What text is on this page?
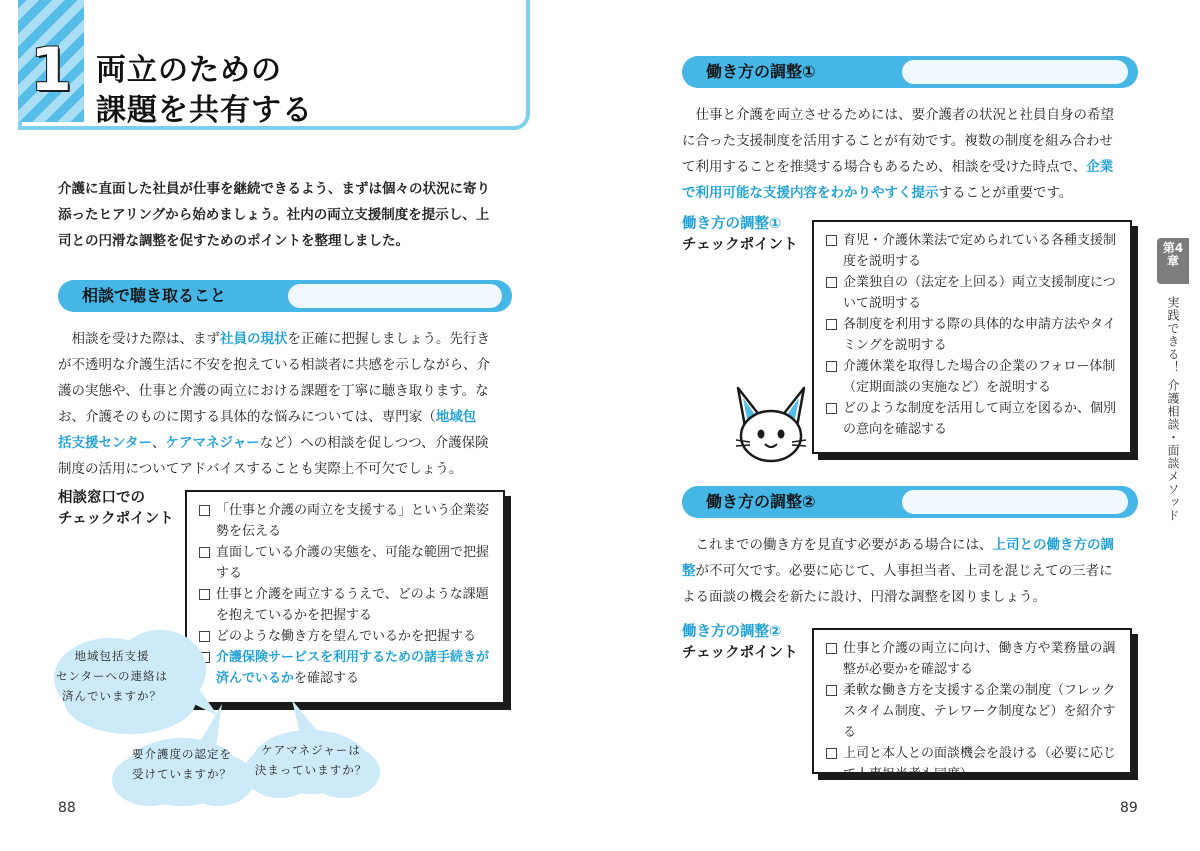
1 両立のための
課題を共有する
介護に直面した社員が仕事を継続できるよう、まずは個々の状況に寄り
添ったヒアリングから始めましょう。社内の両立支援制度を提示し、上
司との円滑な調整を促すためのポイントを整理しました。
相談で聴き取ること
　相談を受けた際は、まず社員の現状を正確に把握しましょう。先行き
が不透明な介護生活に不安を抱えている相談者に共感を示しながら、介
護の実態や、仕事と介護の両立における課題を丁寧に聴き取ります。な
お、介護そのものに関する具体的な悩みについては、専門家（地域包
括支援センター、ケアマネジャーなど）への相談を促しつつ、介護保険
制度の活用についてアドバイスすることも実際上不可欠でしょう。
相談窓口での
チェックポイント
「仕事と介護の両立を支援する」という企業姿勢を伝える
直面している介護の実態を、可能な範囲で把握する
仕事と介護を両立するうえで、どのような課題を抱えているかを把握する
どのような働き方を望んでいるかを把握する
介護保険サービスを利用するための諸手続きが済んでいるかを確認する
地域包括支援
センターへの連絡は
済んでいますか？
要介護度の認定を
受けていますか？
ケアマネジャーは
決まっていますか？
88
働き方の調整①
　仕事と介護を両立させるためには、要介護者の状況と社員自身の希望
に合った支援制度を活用することが有効です。複数の制度を組み合わせ
て利用することを推奨する場合もあるため、相談を受けた時点で、企業
で利用可能な支援内容をわかりやすく提示することが重要です。
働き方の調整①
チェックポイント	育児・介護休業法で定められている各種支援制度を説明する
企業独自の（法定を上回る）両立支援制度について説明する
各制度を利用する際の具体的な申請方法やタイミングを説明する
介護休業を取得した場合の企業のフォロー体制（定期面談の実施など）を説明する
どのような制度を活用して両立を図るか、個別の意向を確認する
働き方の調整②
　これまでの働き方を見直す必要がある場合には、上司との働き方の調
整が不可欠です。必要に応じて、人事担当者、上司を混じえての三者に
よる面談の機会を新たに設け、円滑な調整を図りましょう。
働き方の調整②
チェックポイント	仕事と介護の両立に向け、働き方や業務量の調整が必要かを確認する
柔軟な働き方を支援する企業の制度（フレックスタイム制度、テレワーク制度など）を紹介する
上司と本人との面談機会を設ける（必要に応じて人事担当者も同席）
第4章
実践できる！ 介護相談・面談メソッド
89
